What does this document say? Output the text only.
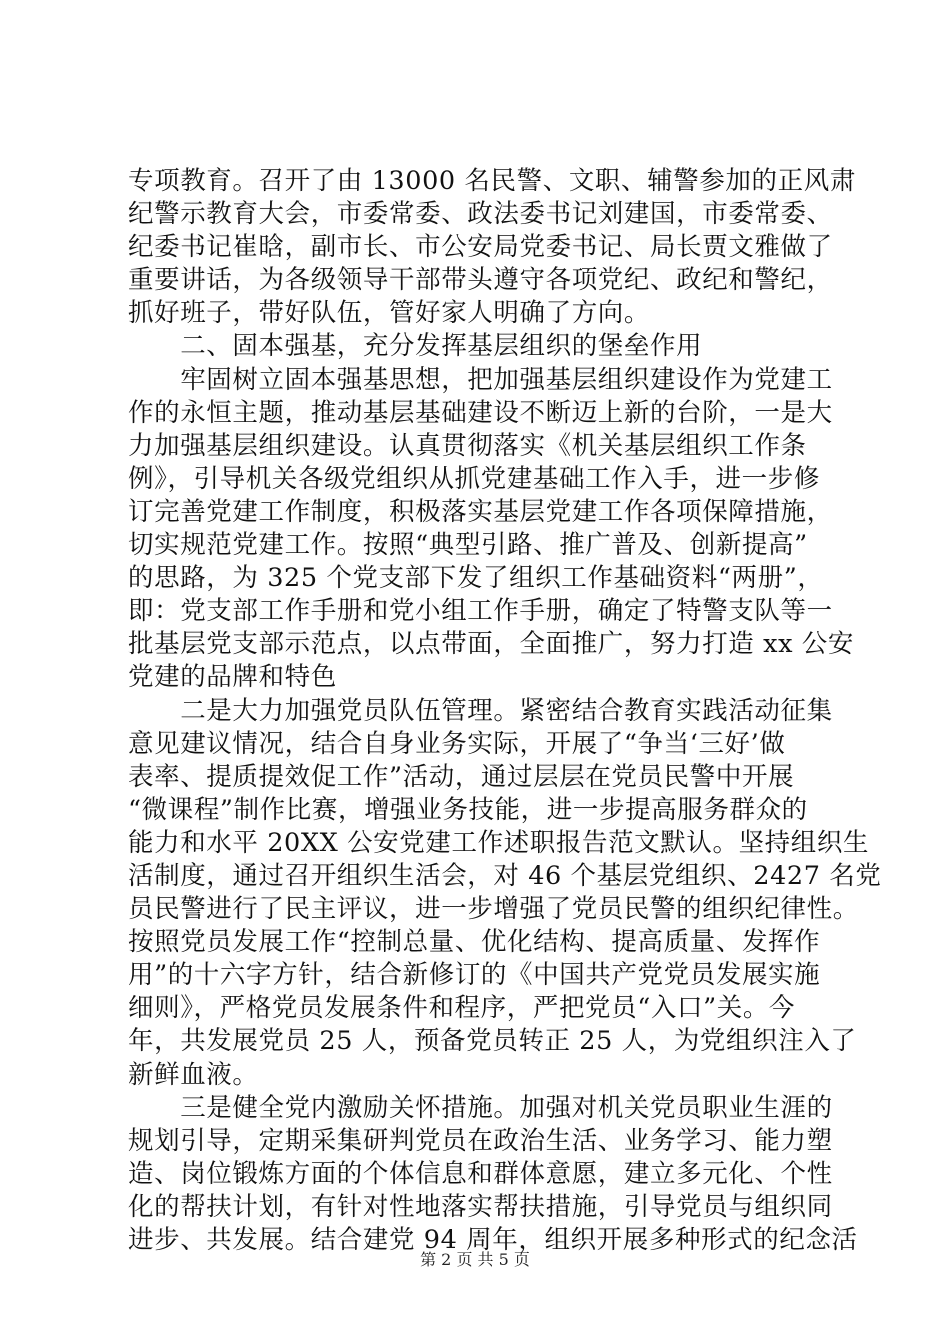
专项教育。召开了由 13000 名民警、文职、辅警参加的正风肃
纪警示教育大会，市委常委、政法委书记刘建国，市委常委、
纪委书记崔晗，副市长、市公安局党委书记、局长贾文雅做了
重要讲话，为各级领导干部带头遵守各项党纪、政纪和警纪，
抓好班子，带好队伍，管好家人明确了方向。
　　二、固本强基，充分发挥基层组织的堡垒作用
　　牢固树立固本强基思想，把加强基层组织建设作为党建工
作的永恒主题，推动基层基础建设不断迈上新的台阶，一是大
力加强基层组织建设。认真贯彻落实《机关基层组织工作条
例》，引导机关各级党组织从抓党建基础工作入手，进一步修
订完善党建工作制度，积极落实基层党建工作各项保障措施，
切实规范党建工作。按照“典型引路、推广普及、创新提高”
的思路，为 325 个党支部下发了组织工作基础资料“两册”，
即：党支部工作手册和党小组工作手册，确定了特警支队等一
批基层党支部示范点，以点带面，全面推广，努力打造 xx 公安
党建的品牌和特色
　　二是大力加强党员队伍管理。紧密结合教育实践活动征集
意见建议情况，结合自身业务实际，开展了“争当‘三好’做
表率、提质提效促工作”活动，通过层层在党员民警中开展
“微课程”制作比赛，增强业务技能，进一步提高服务群众的
能力和水平 20XX 公安党建工作述职报告范文默认。坚持组织生
活制度，通过召开组织生活会，对 46 个基层党组织、2427 名党
员民警进行了民主评议，进一步增强了党员民警的组织纪律性。
按照党员发展工作“控制总量、优化结构、提高质量、发挥作
用”的十六字方针，结合新修订的《中国共产党党员发展实施
细则》，严格党员发展条件和程序，严把党员“入口”关。今
年，共发展党员 25 人，预备党员转正 25 人，为党组织注入了
新鲜血液。
　　三是健全党内激励关怀措施。加强对机关党员职业生涯的
规划引导，定期采集研判党员在政治生活、业务学习、能力塑
造、岗位锻炼方面的个体信息和群体意愿，建立多元化、个性
化的帮扶计划，有针对性地落实帮扶措施，引导党员与组织同
进步、共发展。结合建党 94 周年，组织开展多种形式的纪念活
第 2 页 共 5 页
